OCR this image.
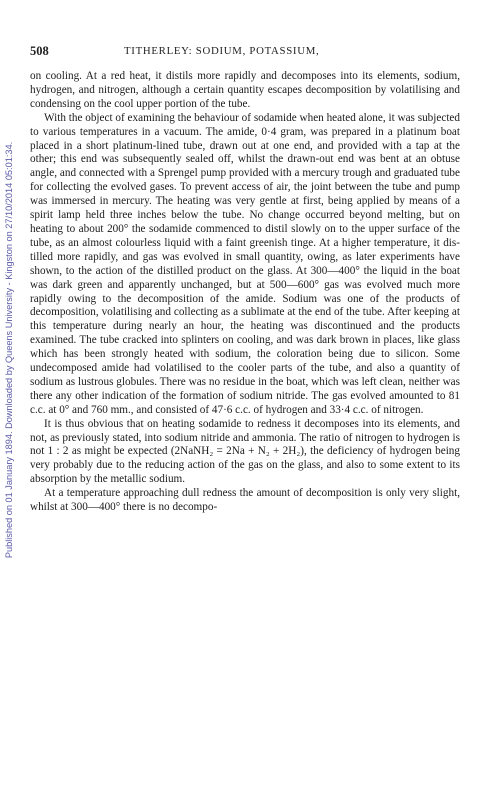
Published on 01 January 1894. Downloaded by Queens University - Kingston on 27/10/2014 05:01:34.
508	TITHERLEY: SODIUM, POTASSIUM,

on cooling. At a red heat, it distils more rapidly and decomposes into its elements, sodium, hydrogen, and nitrogen, although a certain quantity escapes decomposition by volatilising and condensing on the cool upper portion of the tube.

With the object of examining the behaviour of sodamide when heated alone, it was subjected to various temperatures in a vacuum. The amide, 0·4 gram, was prepared in a platinum boat placed in a short platinum-lined tube, drawn out at one end, and provided with a tap at the other; this end was subsequently sealed off, whilst the drawn-out end was bent at an obtuse angle, and connected with a Sprengel pump provided with a mercury trough and graduated tube for collecting the evolved gases. To prevent access of air, the joint between the tube and pump was immersed in mercury. The heating was very gentle at first, being applied by means of a spirit lamp held three inches below the tube. No change occurred beyond melting, but on heating to about 200° the sodamide commenced to distil slowly on to the upper surface of the tube, as an almost colourless liquid with a faint greenish tinge. At a higher temperature, it distilled more rapidly, and gas was evolved in small quantity, owing, as later experiments have shown, to the action of the distilled product on the glass. At 300—400° the liquid in the boat was dark green and apparently unchanged, but at 500—600° gas was evolved much more rapidly owing to the decomposition of the amide. Sodium was one of the products of decomposition, volatilising and collecting as a sublimate at the end of the tube. After keeping at this temperature during nearly an hour, the heating was discontinued and the products examined. The tube cracked into splinters on cooling, and was dark brown in places, like glass which has been strongly heated with sodium, the coloration being due to silicon. Some undecomposed amide had volatilised to the cooler parts of the tube, and also a quantity of sodium as lustrous globules. There was no residue in the boat, which was left clean, neither was there any other indication of the formation of sodium nitride. The gas evolved amounted to 81 c.c. at 0° and 760 mm., and consisted of 47·6 c.c. of hydrogen and 33·4 c.c. of nitrogen.

It is thus obvious that on heating sodamide to redness it decomposes into its elements, and not, as previously stated, into sodium nitride and ammonia. The ratio of nitrogen to hydrogen is not 1 : 2 as might be expected (2NaNH₂ = 2Na + N₂ + 2H₂), the deficiency of hydrogen being very probably due to the reducing action of the gas on the glass, and also to some extent to its absorption by the metallic sodium.

At a temperature approaching dull redness the amount of decomposition is only very slight, whilst at 300—400° there is no decompo-
